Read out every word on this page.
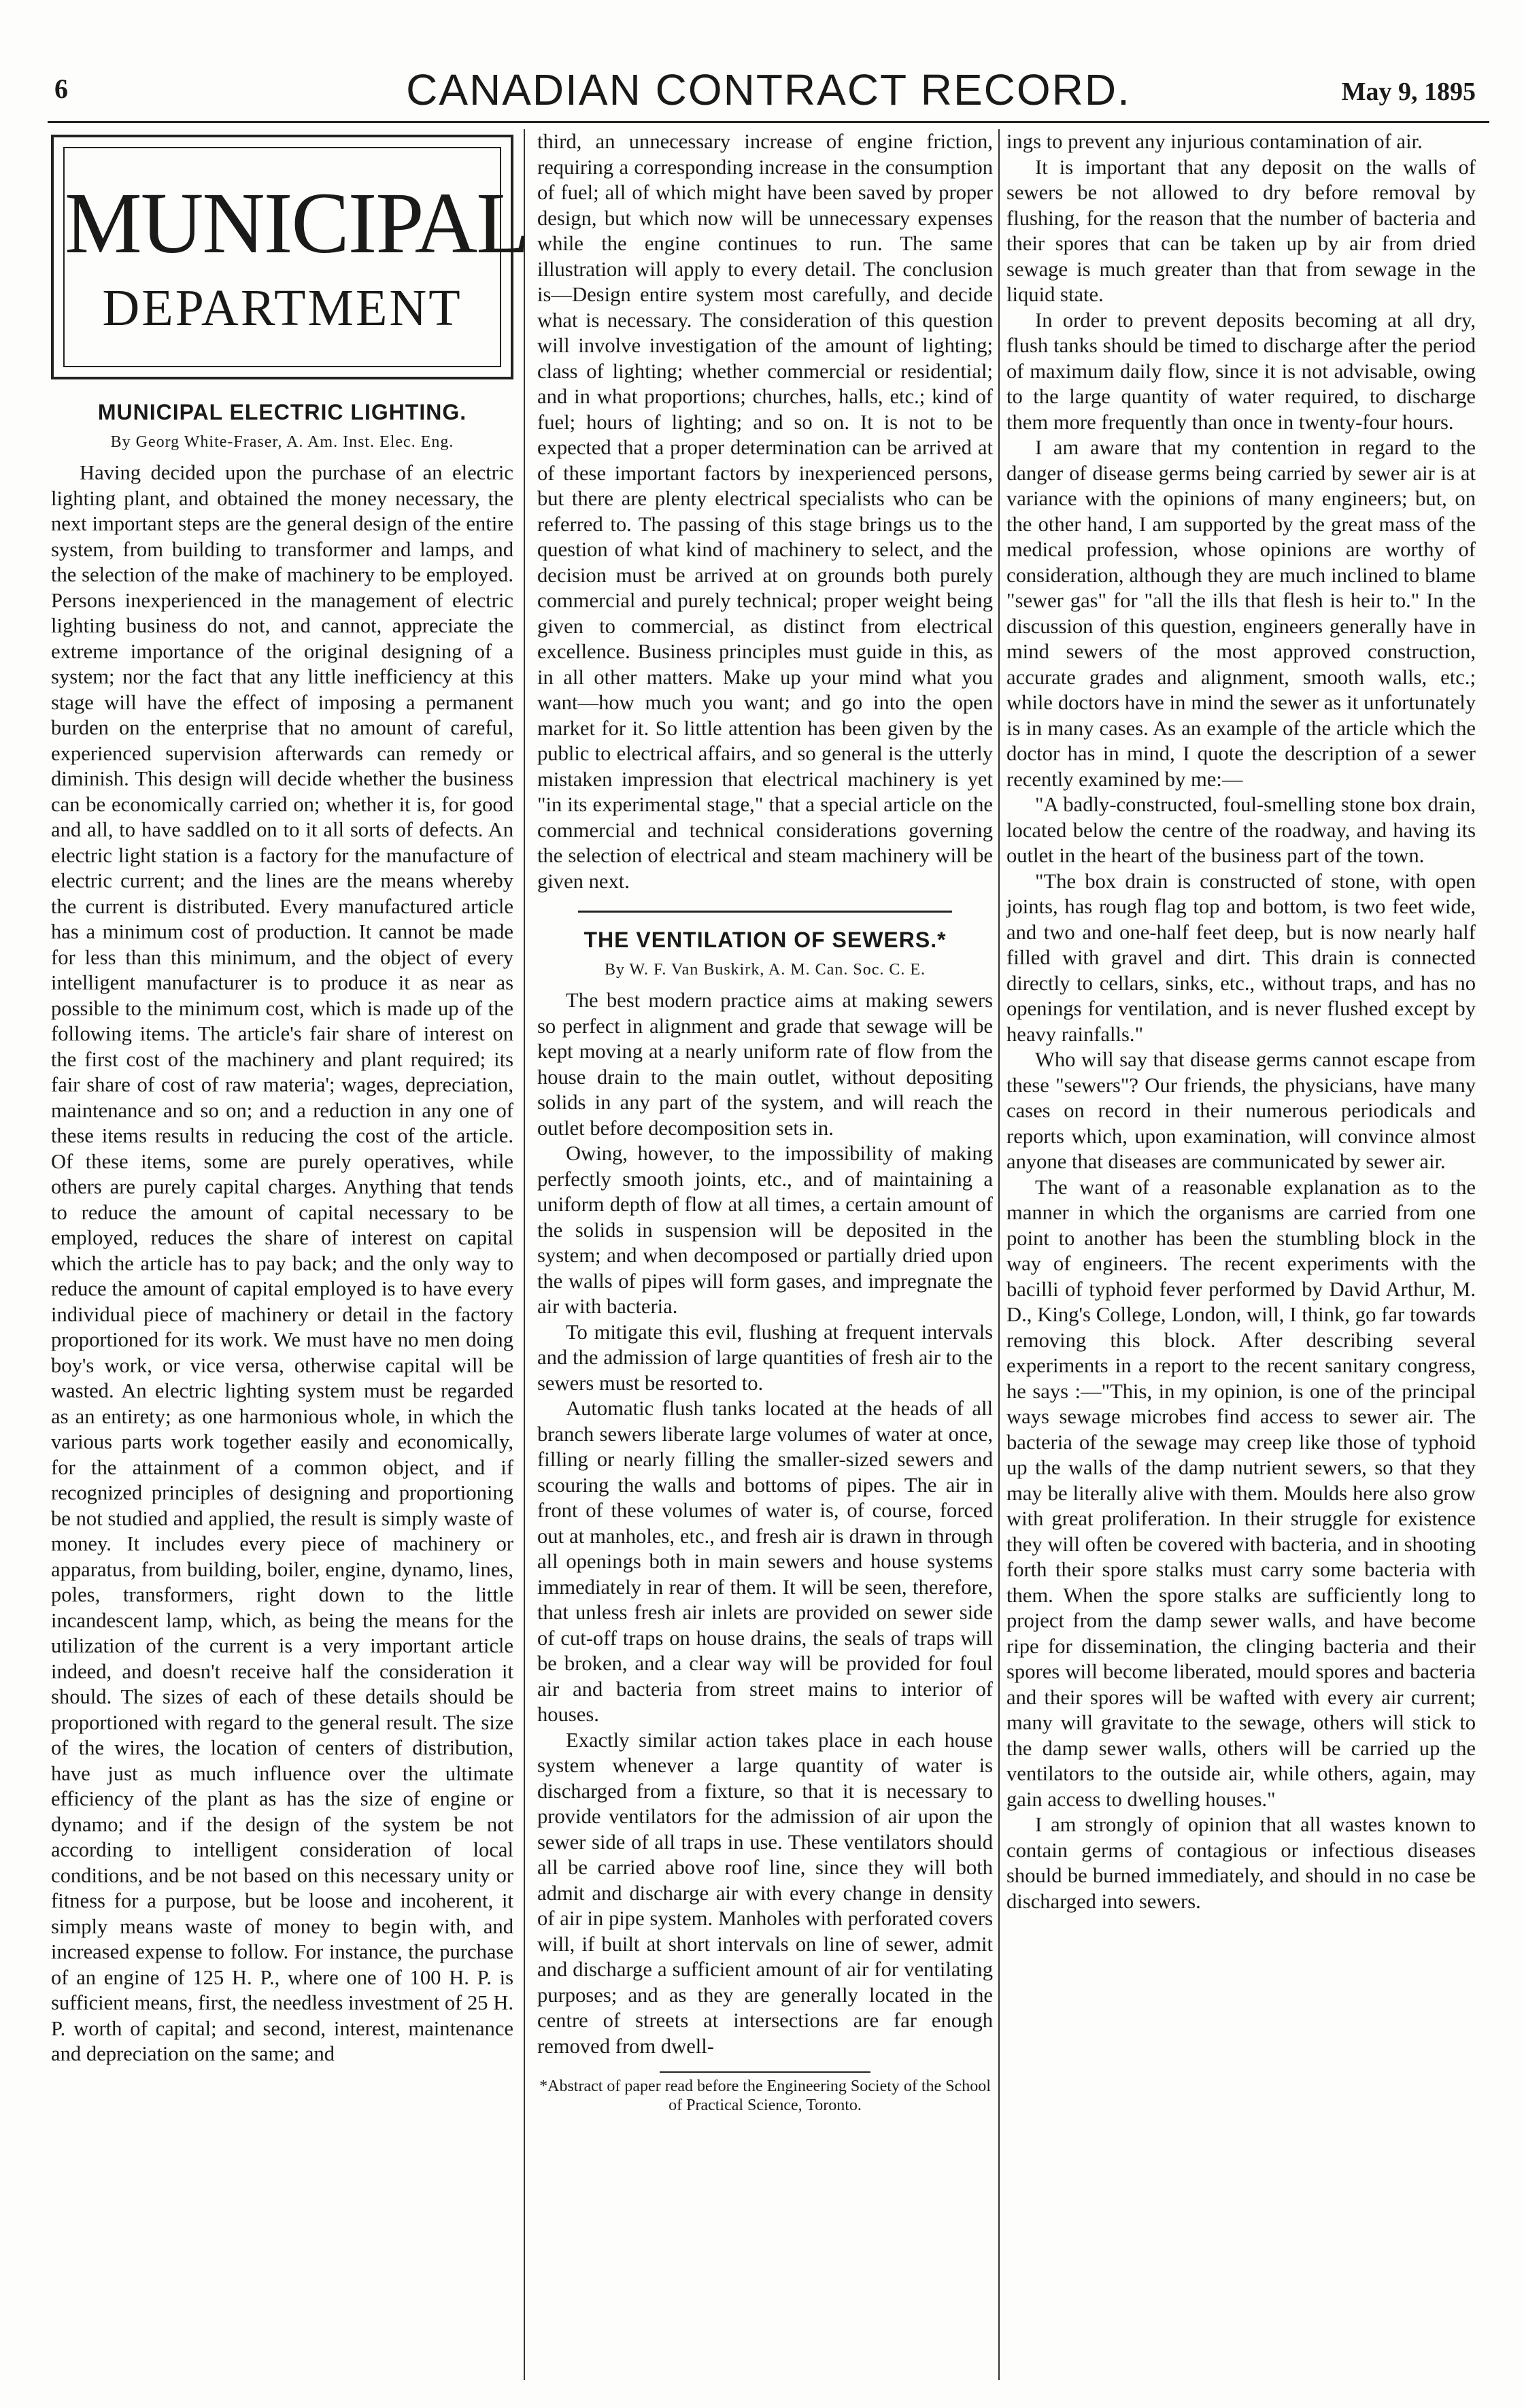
6	CANADIAN CONTRACT RECORD.	May 9, 1895
MUNICIPAL
DEPARTMENT
MUNICIPAL ELECTRIC LIGHTING.
By Georg White-Fraser, A. Am. Inst. Elec. Eng.

Having decided upon the purchase of an electric lighting plant, and obtained the money necessary, the next important steps are the general design of the entire system, from building to transformer and lamps, and the selection of the make of machinery to be employed. Persons inexperienced in the management of electric lighting business do not, and cannot, appreciate the extreme importance of the original designing of a system; nor the fact that any little inefficiency at this stage will have the effect of imposing a permanent burden on the enterprise that no amount of careful, experienced supervision afterwards can remedy or diminish. This design will decide whether the business can be economically carried on; whether it is, for good and all, to have saddled on to it all sorts of defects. An electric light station is a factory for the manufacture of electric current; and the lines are the means whereby the current is distributed. Every manufactured article has a minimum cost of production. It cannot be made for less than this minimum, and the object of every intelligent manufacturer is to produce it as near as possible to the minimum cost, which is made up of the following items. The article's fair share of interest on the first cost of the machinery and plant required; its fair share of cost of raw materia'; wages, depreciation, maintenance and so on; and a reduction in any one of these items results in reducing the cost of the article. Of these items, some are purely operatives, while others are purely capital charges. Anything that tends to reduce the amount of capital necessary to be employed, reduces the share of interest on capital which the article has to pay back; and the only way to reduce the amount of capital employed is to have every individual piece of machinery or detail in the factory proportioned for its work. We must have no men doing boy's work, or vice versa, otherwise capital will be wasted. An electric lighting system must be regarded as an entirety; as one harmonious whole, in which the various parts work together easily and economically, for the attainment of a common object, and if recognized principles of designing and proportioning be not studied and applied, the result is simply waste of money. It includes every piece of machinery or apparatus, from building, boiler, engine, dynamo, lines, poles, transformers, right down to the little incandescent lamp, which, as being the means for the utilization of the current is a very important article indeed, and doesn't receive half the consideration it should. The sizes of each of these details should be proportioned with regard to the general result. The size of the wires, the location of centers of distribution, have just as much influence over the ultimate efficiency of the plant as has the size of engine or dynamo; and if the design of the system be not according to intelligent consideration of local conditions, and be not based on this necessary unity or fitness for a purpose, but be loose and incoherent, it simply means waste of money to begin with, and increased expense to follow. For instance, the purchase of an engine of 125 H. P., where one of 100 H. P. is sufficient means, first, the needless investment of 25 H. P. worth of capital; and second, interest, maintenance and depreciation on the same; and

third, an unnecessary increase of engine friction, requiring a corresponding increase in the consumption of fuel; all of which might have been saved by proper design, but which now will be unnecessary expenses while the engine continues to run. The same illustration will apply to every detail. The conclusion is—Design entire system most carefully, and decide what is necessary. The consideration of this question will involve investigation of the amount of lighting; class of lighting; whether commercial or residential; and in what proportions; churches, halls, etc.; kind of fuel; hours of lighting; and so on. It is not to be expected that a proper determination can be arrived at of these important factors by inexperienced persons, but there are plenty electrical specialists who can be referred to. The passing of this stage brings us to the question of what kind of machinery to select, and the decision must be arrived at on grounds both purely commercial and purely technical; proper weight being given to commercial, as distinct from electrical excellence. Business principles must guide in this, as in all other matters. Make up your mind what you want—how much you want; and go into the open market for it. So little attention has been given by the public to electrical affairs, and so general is the utterly mistaken impression that electrical machinery is yet "in its experimental stage," that a special article on the commercial and technical considerations governing the selection of electrical and steam machinery will be given next.

THE VENTILATION OF SEWERS.*
By W. F. Van Buskirk, A. M. Can. Soc. C. E.

The best modern practice aims at making sewers so perfect in alignment and grade that sewage will be kept moving at a nearly uniform rate of flow from the house drain to the main outlet, without depositing solids in any part of the system, and will reach the outlet before decomposition sets in.

Owing, however, to the impossibility of making perfectly smooth joints, etc., and of maintaining a uniform depth of flow at all times, a certain amount of the solids in suspension will be deposited in the system; and when decomposed or partially dried upon the walls of pipes will form gases, and impregnate the air with bacteria.

To mitigate this evil, flushing at frequent intervals and the admission of large quantities of fresh air to the sewers must be resorted to.

Automatic flush tanks located at the heads of all branch sewers liberate large volumes of water at once, filling or nearly filling the smaller-sized sewers and scouring the walls and bottoms of pipes. The air in front of these volumes of water is, of course, forced out at manholes, etc., and fresh air is drawn in through all openings both in main sewers and house systems immediately in rear of them. It will be seen, therefore, that unless fresh air inlets are provided on sewer side of cut-off traps on house drains, the seals of traps will be broken, and a clear way will be provided for foul air and bacteria from street mains to interior of houses.

Exactly similar action takes place in each house system whenever a large quantity of water is discharged from a fixture, so that it is necessary to provide ventilators for the admission of air upon the sewer side of all traps in use. These ventilators should all be carried above roof line, since they will both admit and discharge air with every change in density of air in pipe system. Manholes with perforated covers will, if built at short intervals on line of sewer, admit and discharge a sufficient amount of air for ventilating purposes; and as they are generally located in the centre of streets at intersections are far enough removed from dwell-

*Abstract of paper read before the Engineering Society of the School of Practical Science, Toronto.

ings to prevent any injurious contamination of air.

It is important that any deposit on the walls of sewers be not allowed to dry before removal by flushing, for the reason that the number of bacteria and their spores that can be taken up by air from dried sewage is much greater than that from sewage in the liquid state.

In order to prevent deposits becoming at all dry, flush tanks should be timed to discharge after the period of maximum daily flow, since it is not advisable, owing to the large quantity of water required, to discharge them more frequently than once in twenty-four hours.

I am aware that my contention in regard to the danger of disease germs being carried by sewer air is at variance with the opinions of many engineers; but, on the other hand, I am supported by the great mass of the medical profession, whose opinions are worthy of consideration, although they are much inclined to blame "sewer gas" for "all the ills that flesh is heir to." In the discussion of this question, engineers generally have in mind sewers of the most approved construction, accurate grades and alignment, smooth walls, etc.; while doctors have in mind the sewer as it unfortunately is in many cases. As an example of the article which the doctor has in mind, I quote the description of a sewer recently examined by me:—

"A badly-constructed, foul-smelling stone box drain, located below the centre of the roadway, and having its outlet in the heart of the business part of the town.

"The box drain is constructed of stone, with open joints, has rough flag top and bottom, is two feet wide, and two and one-half feet deep, but is now nearly half filled with gravel and dirt. This drain is connected directly to cellars, sinks, etc., without traps, and has no openings for ventilation, and is never flushed except by heavy rainfalls."

Who will say that disease germs cannot escape from these "sewers"? Our friends, the physicians, have many cases on record in their numerous periodicals and reports which, upon examination, will convince almost anyone that diseases are communicated by sewer air.

The want of a reasonable explanation as to the manner in which the organisms are carried from one point to another has been the stumbling block in the way of engineers. The recent experiments with the bacilli of typhoid fever performed by David Arthur, M. D., King's College, London, will, I think, go far towards removing this block. After describing several experiments in a report to the recent sanitary congress, he says :—"This, in my opinion, is one of the principal ways sewage microbes find access to sewer air. The bacteria of the sewage may creep like those of typhoid up the walls of the damp nutrient sewers, so that they may be literally alive with them. Moulds here also grow with great proliferation. In their struggle for existence they will often be covered with bacteria, and in shooting forth their spore stalks must carry some bacteria with them. When the spore stalks are sufficiently long to project from the damp sewer walls, and have become ripe for dissemination, the clinging bacteria and their spores will become liberated, mould spores and bacteria and their spores will be wafted with every air current; many will gravitate to the sewage, others will stick to the damp sewer walls, others will be carried up the ventilators to the outside air, while others, again, may gain access to dwelling houses."

I am strongly of opinion that all wastes known to contain germs of contagious or infectious diseases should be burned immediately, and should in no case be discharged into sewers.
